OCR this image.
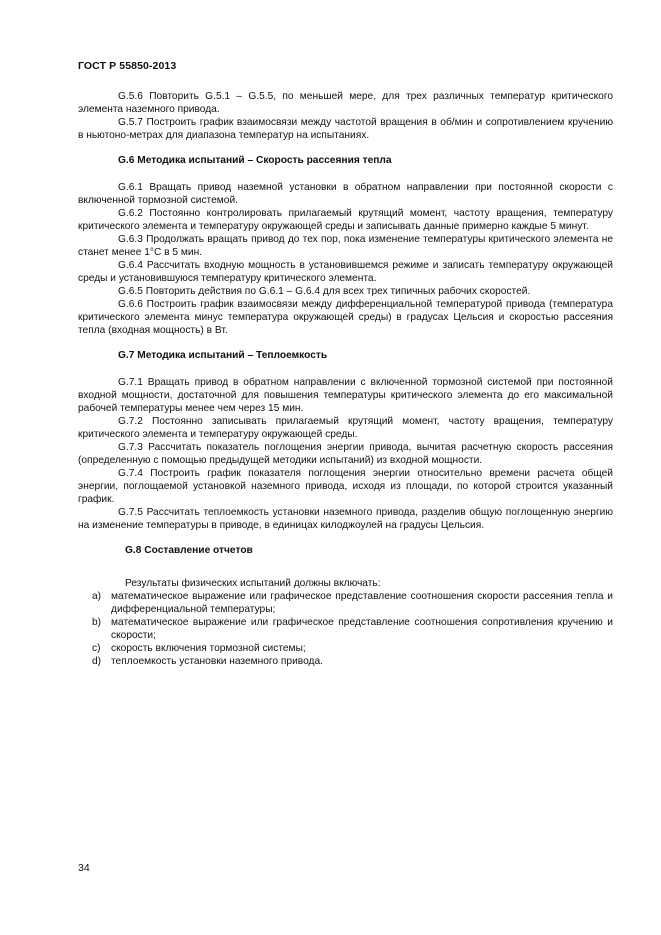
ГОСТ Р 55850-2013

G.5.6 Повторить G.5.1 – G.5.5, по меньшей мере, для трех различных температур критического элемента наземного привода.

G.5.7 Построить график взаимосвязи между частотой вращения в об/мин и сопротивлением кручению в ньютоно-метрах для диапазона температур на испытаниях.

G.6 Методика испытаний – Скорость рассеяния тепла

G.6.1 Вращать привод наземной установки в обратном направлении при постоянной скорости с включенной тормозной системой.

G.6.2 Постоянно контролировать прилагаемый крутящий момент, частоту вращения, температуру критического элемента и температуру окружающей среды и записывать данные примерно каждые 5 минут.

G.6.3 Продолжать вращать привод до тех пор, пока изменение температуры критического элемента не станет менее 1°С в 5 мин.

G.6.4 Рассчитать входную мощность в установившемся режиме и записать температуру окружающей среды и установившуюся температуру критического элемента.

G.6.5 Повторить действия по G.6.1 – G.6.4 для всех трех типичных рабочих скоростей.

G.6.6 Построить график взаимосвязи между дифференциальной температурой привода (температура критического элемента минус температура окружающей среды) в градусах Цельсия и скоростью рассеяния тепла (входная мощность) в Вт.

G.7 Методика испытаний – Теплоемкость

G.7.1 Вращать привод в обратном направлении с включенной тормозной системой при постоянной входной мощности, достаточной для повышения температуры критического элемента до его максимальной рабочей температуры менее чем через 15 мин.

G.7.2 Постоянно записывать прилагаемый крутящий момент, частоту вращения, температуру критического элемента и температуру окружающей среды.

G.7.3 Рассчитать показатель поглощения энергии привода, вычитая расчетную скорость рассеяния (определенную с помощью предыдущей методики испытаний) из входной мощности.

G.7.4 Построить график показателя поглощения энергии относительно времени расчета общей энергии, поглощаемой установкой наземного привода, исходя из площади, по которой строится указанный график.

G.7.5 Рассчитать теплоемкость установки наземного привода, разделив общую поглощенную энергию на изменение температуры в приводе, в единицах килоджоулей на градусы Цельсия.

G.8 Составление отчетов

Результаты физических испытаний должны включать:

a) математическое выражение или графическое представление соотношения скорости рассеяния тепла и дифференциальной температуры;
b) математическое выражение или графическое представление соотношения сопротивления кручению и скорости;
c) скорость включения тормозной системы;
d) теплоемкость установки наземного привода.
34
